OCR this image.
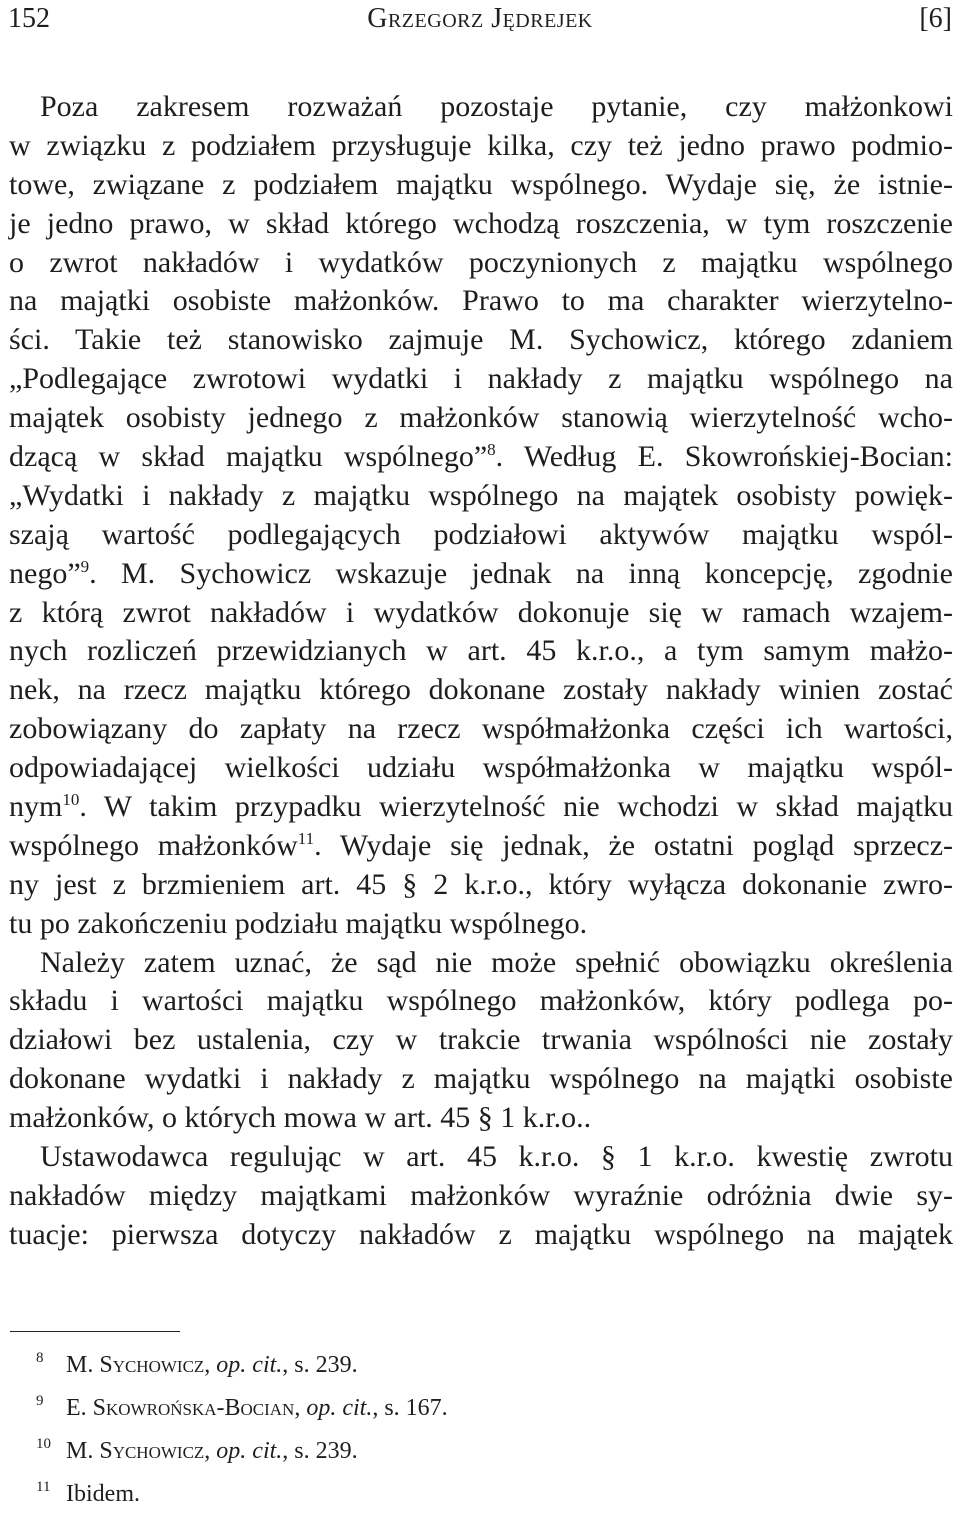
152	Grzegorz Jędrejek	[6]
Poza zakresem rozważań pozostaje pytanie, czy małżonkowi
w związku z podziałem przysługuje kilka, czy też jedno prawo podmio-
towe, związane z podziałem majątku wspólnego. Wydaje się, że istnie-
je jedno prawo, w skład którego wchodzą roszczenia, w tym roszczenie
o zwrot nakładów i wydatków poczynionych z majątku wspólnego
na majątki osobiste małżonków. Prawo to ma charakter wierzytelno-
ści. Takie też stanowisko zajmuje M. Sychowicz, którego zdaniem
„Podlegające zwrotowi wydatki i nakłady z majątku wspólnego na
majątek osobisty jednego z małżonków stanowią wierzytelność wcho-
dzącą w skład majątku wspólnego”$^8$. Według E. Skowrońskiej-Bocian:
„Wydatki i nakłady z majątku wspólnego na majątek osobisty powięk-
szają wartość podlegających podziałowi aktywów majątku wspól-
nego”$^9$. M. Sychowicz wskazuje jednak na inną koncepcję, zgodnie
z którą zwrot nakładów i wydatków dokonuje się w ramach wzajem-
nych rozliczeń przewidzianych w art. 45 k.r.o., a tym samym małżo-
nek, na rzecz majątku którego dokonane zostały nakłady winien zostać
zobowiązany do zapłaty na rzecz współmałżonka części ich wartości,
odpowiadającej wielkości udziału współmałżonka w majątku wspól-
nym$^{10}$. W takim przypadku wierzytelność nie wchodzi w skład majątku
wspólnego małżonków$^{11}$. Wydaje się jednak, że ostatni pogląd sprzecz-
ny jest z brzmieniem art. 45 § 2 k.r.o., który wyłącza dokonanie zwro-
tu po zakończeniu podziału majątku wspólnego.
Należy zatem uznać, że sąd nie może spełnić obowiązku określenia
składu i wartości majątku wspólnego małżonków, który podlega po-
działowi bez ustalenia, czy w trakcie trwania wspólności nie zostały
dokonane wydatki i nakłady z majątku wspólnego na majątki osobiste
małżonków, o których mowa w art. 45 § 1 k.r.o..
Ustawodawca regulując w art. 45 k.r.o. § 1 k.r.o. kwestię zwrotu
nakładów między majątkami małżonków wyraźnie odróżnia dwie sy-
tuacje: pierwsza dotyczy nakładów z majątku wspólnego na majątek
8 M. Sychowicz, op. cit., s. 239.
9 E. Skowrońska-Bocian, op. cit., s. 167.
10 M. Sychowicz, op. cit., s. 239.
11 Ibidem.
